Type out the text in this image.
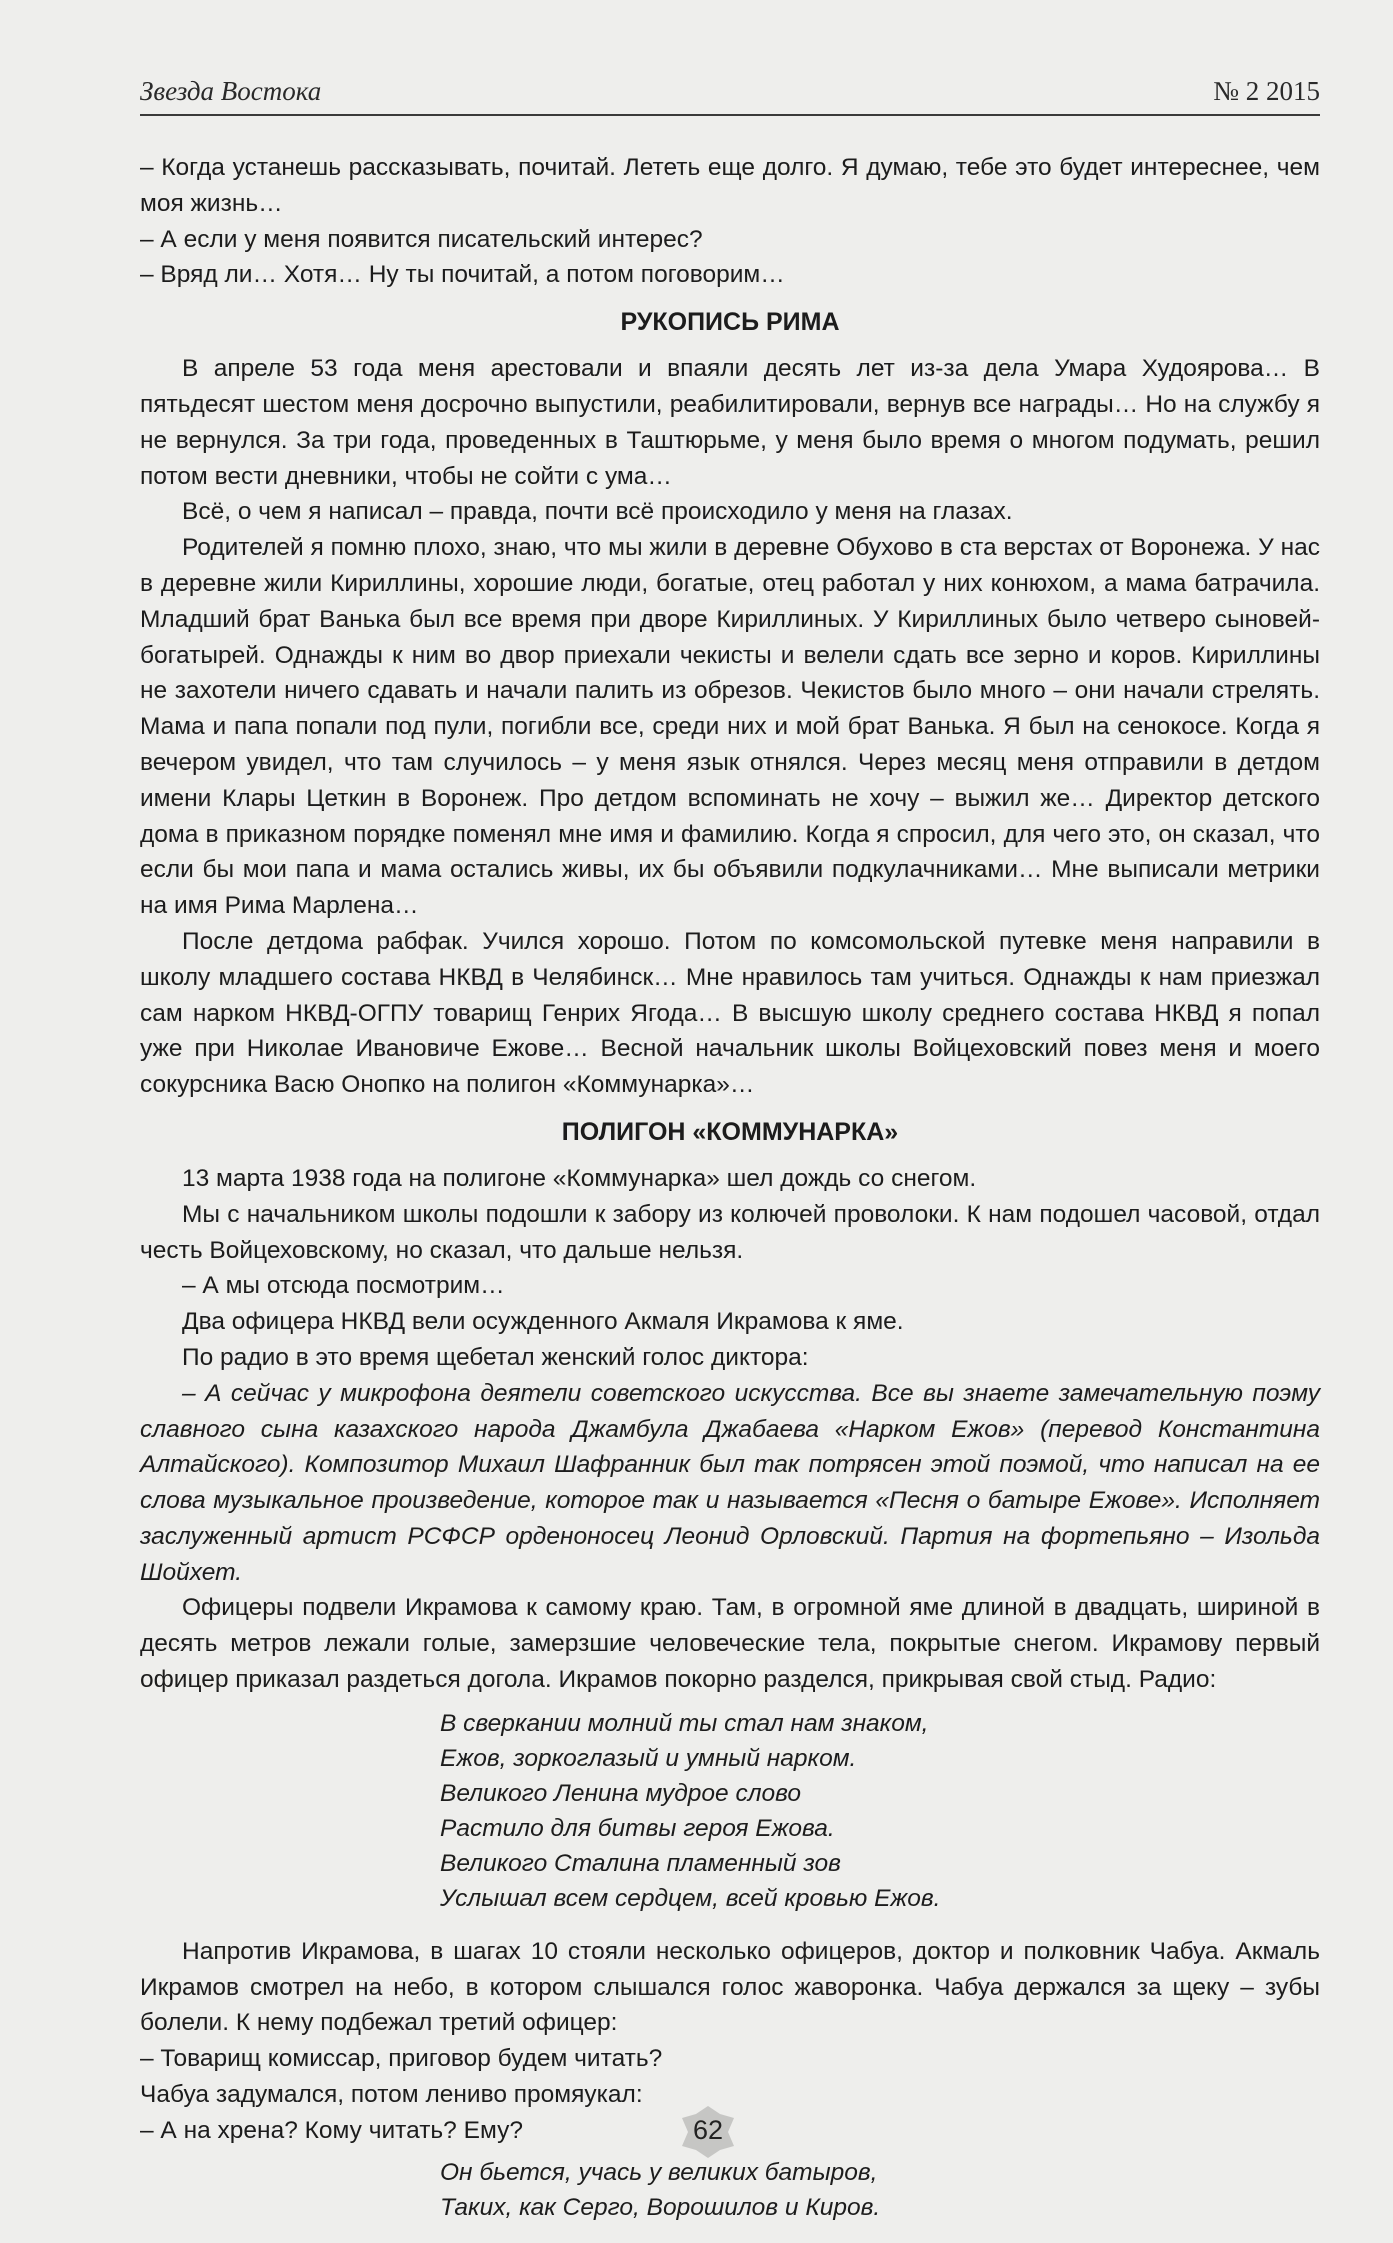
Звезда Востока	№ 2 2015

– Когда устанешь рассказывать, почитай. Лететь еще долго. Я думаю, тебе это будет интереснее, чем моя жизнь…

– А если у меня появится писательский интерес?

– Вряд ли… Хотя… Ну ты почитай, а потом поговорим…

РУКОПИСЬ РИМА

В апреле 53 года меня арестовали и впаяли десять лет из-за дела Умара Худоярова… В пятьдесят шестом меня досрочно выпустили, реабилитировали, вернув все награды… Но на службу я не вернулся. За три года, проведенных в Таштюрьме, у меня было время о многом подумать, решил потом вести дневники, чтобы не сойти с ума…

Всё, о чем я написал – правда, почти всё происходило у меня на глазах.

Родителей я помню плохо, знаю, что мы жили в деревне Обухово в ста верстах от Воронежа. У нас в деревне жили Кириллины, хорошие люди, богатые, отец работал у них конюхом, а мама батрачила. Младший брат Ванька был все время при дворе Кириллиных. У Кириллиных было четверо сыновей-богатырей. Однажды к ним во двор приехали чекисты и велели сдать все зерно и коров. Кириллины не захотели ничего сдавать и начали палить из обрезов. Чекистов было много – они начали стрелять. Мама и папа попали под пули, погибли все, среди них и мой брат Ванька. Я был на сенокосе. Когда я вечером увидел, что там случилось – у меня язык отнялся. Через месяц меня отправили в детдом имени Клары Цеткин в Воронеж. Про детдом вспоминать не хочу – выжил же… Директор детского дома в приказном порядке поменял мне имя и фамилию. Когда я спросил, для чего это, он сказал, что если бы мои папа и мама остались живы, их бы объявили подкулачниками… Мне выписали метрики на имя Рима Марлена…

После детдома рабфак. Учился хорошо. Потом по комсомольской путевке меня направили в школу младшего состава НКВД в Челябинск… Мне нравилось там учиться. Однажды к нам приезжал сам нарком НКВД-ОГПУ товарищ Генрих Ягода… В высшую школу среднего состава НКВД я попал уже при Николае Ивановиче Ежове… Весной начальник школы Войцеховский повез меня и моего сокурсника Васю Онопко на полигон «Коммунарка»…

ПОЛИГОН «КОММУНАРКА»

13 марта 1938 года на полигоне «Коммунарка» шел дождь со снегом.

Мы с начальником школы подошли к забору из колючей проволоки. К нам подошел часовой, отдал честь Войцеховскому, но сказал, что дальше нельзя.

– А мы отсюда посмотрим…

Два офицера НКВД вели осужденного Акмаля Икрамова к яме.

По радио в это время щебетал женский голос диктора:

– А сейчас у микрофона деятели советского искусства. Все вы знаете замечательную поэму славного сына казахского народа Джамбула Джабаева «Нарком Ежов» (перевод Константина Алтайского). Композитор Михаил Шафранник был так потрясен этой поэмой, что написал на ее слова музыкальное произведение, которое так и называется «Песня о батыре Ежове». Исполняет заслуженный артист РСФСР орденоносец Леонид Орловский. Партия на фортепьяно – Изольда Шойхет.

Офицеры подвели Икрамова к самому краю. Там, в огромной яме длиной в двадцать, шириной в десять метров лежали голые, замерзшие человеческие тела, покрытые снегом. Икрамову первый офицер приказал раздеться догола. Икрамов покорно разделся, прикрывая свой стыд. Радио:

В сверкании молний ты стал нам знаком,
Ежов, зоркоглазый и умный нарком.
Великого Ленина мудрое слово
Растило для битвы героя Ежова.
Великого Сталина пламенный зов
Услышал всем сердцем, всей кровью Ежов.

Напротив Икрамова, в шагах 10 стояли несколько офицеров, доктор и полковник Чабуа. Акмаль Икрамов смотрел на небо, в котором слышался голос жаворонка. Чабуа держался за щеку – зубы болели. К нему подбежал третий офицер:

– Товарищ комиссар, приговор будем читать?

Чабуа задумался, потом лениво промяукал:

– А на хрена? Кому читать? Ему?

Он бьется, учась у великих батыров,
Таких, как Серго, Ворошилов и Киров.
62
